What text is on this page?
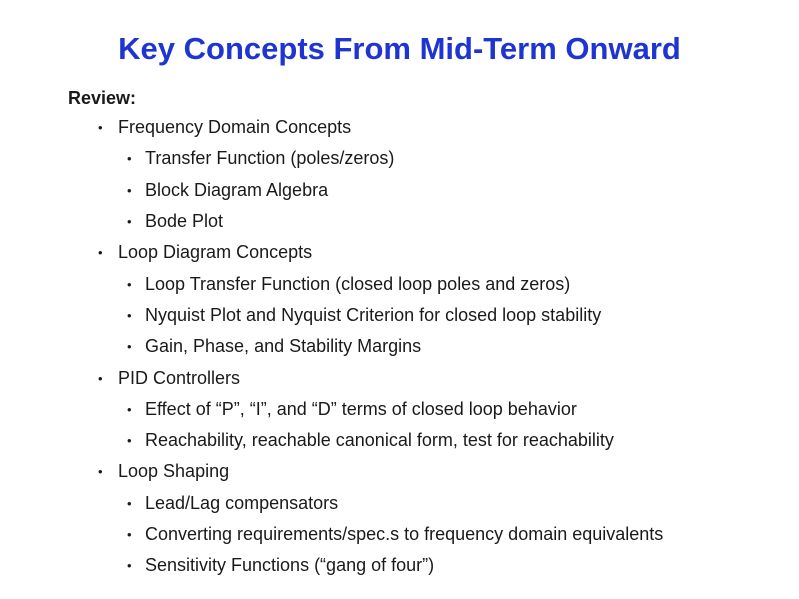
Key Concepts From Mid-Term Onward
Review:
• Frequency Domain Concepts
• Transfer Function (poles/zeros)
• Block Diagram Algebra
• Bode Plot
• Loop Diagram Concepts
• Loop Transfer Function (closed loop poles and zeros)
• Nyquist Plot and Nyquist Criterion for closed loop stability
• Gain, Phase, and Stability Margins
• PID Controllers
• Effect of “P”, “I”, and “D” terms of closed loop behavior
• Reachability, reachable canonical form, test for reachability
• Loop Shaping
• Lead/Lag compensators
• Converting requirements/spec.s to frequency domain equivalents
• Sensitivity Functions (“gang of four”)
